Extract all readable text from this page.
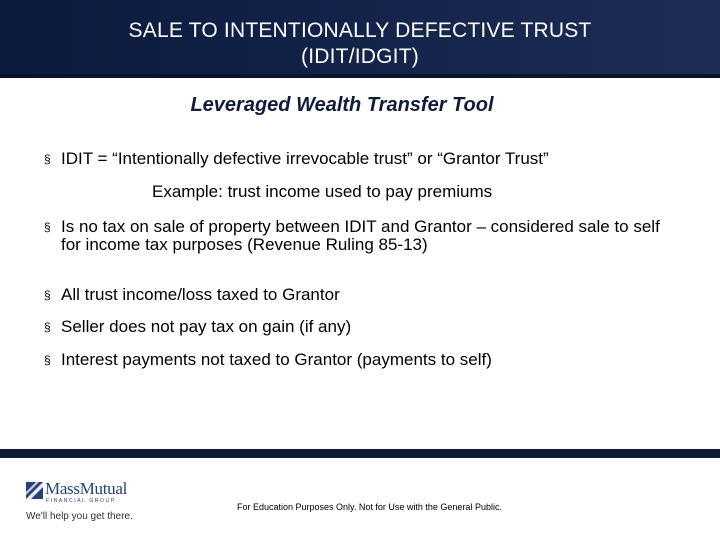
SALE TO INTENTIONALLY DEFECTIVE TRUST
(IDIT/IDGIT)
Leveraged Wealth Transfer Tool
§ IDIT = “Intentionally defective irrevocable trust” or “Grantor Trust”
Example: trust income used to pay premiums
§ Is no tax on sale of property between IDIT and Grantor – considered sale to self for income tax purposes (Revenue Ruling 85-13)
§ All trust income/loss taxed to Grantor
§ Seller does not pay tax on gain (if any)
§ Interest payments not taxed to Grantor (payments to self)
MassMutual
FINANCIAL GROUP
We'll help you get there.
For Education Purposes Only. Not for Use with the General Public.
